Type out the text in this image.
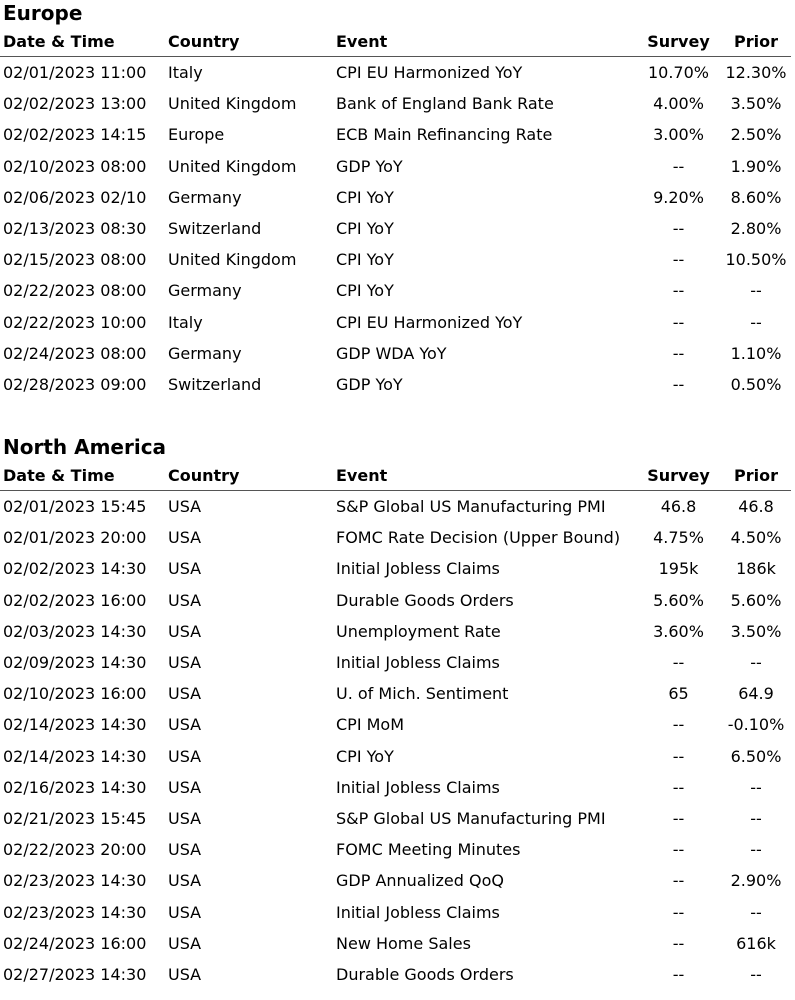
Europe
Date & Time	Country	Event	Survey	Prior
02/01/2023 11:00	Italy	CPI EU Harmonized YoY	10.70%	12.30%
02/02/2023 13:00	United Kingdom	Bank of England Bank Rate	4.00%	3.50%
02/02/2023 14:15	Europe	ECB Main Refinancing Rate	3.00%	2.50%
02/10/2023 08:00	United Kingdom	GDP YoY	--	1.90%
02/06/2023 02/10	Germany	CPI YoY	9.20%	8.60%
02/13/2023 08:30	Switzerland	CPI YoY	--	2.80%
02/15/2023 08:00	United Kingdom	CPI YoY	--	10.50%
02/22/2023 08:00	Germany	CPI YoY	--	--
02/22/2023 10:00	Italy	CPI EU Harmonized YoY	--	--
02/24/2023 08:00	Germany	GDP WDA YoY	--	1.10%
02/28/2023 09:00	Switzerland	GDP YoY	--	0.50%
North America
Date & Time	Country	Event	Survey	Prior
02/01/2023 15:45	USA	S&P Global US Manufacturing PMI	46.8	46.8
02/01/2023 20:00	USA	FOMC Rate Decision (Upper Bound)	4.75%	4.50%
02/02/2023 14:30	USA	Initial Jobless Claims	195k	186k
02/02/2023 16:00	USA	Durable Goods Orders	5.60%	5.60%
02/03/2023 14:30	USA	Unemployment Rate	3.60%	3.50%
02/09/2023 14:30	USA	Initial Jobless Claims	--	--
02/10/2023 16:00	USA	U. of Mich. Sentiment	65	64.9
02/14/2023 14:30	USA	CPI MoM	--	-0.10%
02/14/2023 14:30	USA	CPI YoY	--	6.50%
02/16/2023 14:30	USA	Initial Jobless Claims	--	--
02/21/2023 15:45	USA	S&P Global US Manufacturing PMI	--	--
02/22/2023 20:00	USA	FOMC Meeting Minutes	--	--
02/23/2023 14:30	USA	GDP Annualized QoQ	--	2.90%
02/23/2023 14:30	USA	Initial Jobless Claims	--	--
02/24/2023 16:00	USA	New Home Sales	--	616k
02/27/2023 14:30	USA	Durable Goods Orders	--	--
